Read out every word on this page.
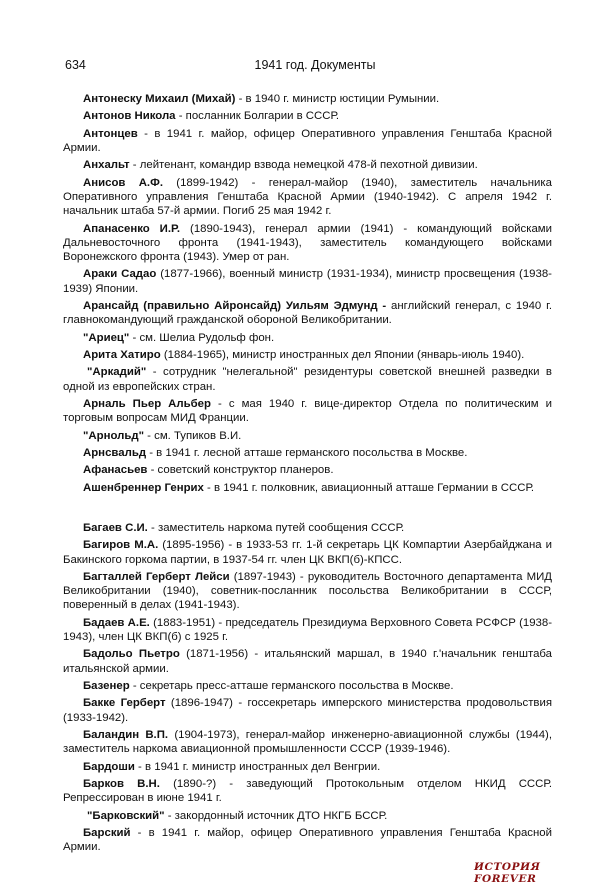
634	1941 год. Документы

Антонеску Михаил (Михай) - в 1940 г. министр юстиции Румынии.

Антонов Никола - посланник Болгарии в СССР.

Антонцев - в 1941 г. майор, офицер Оперативного управления Генштаба Красной Армии.

Анхальт - лейтенант, командир взвода немецкой 478-й пехотной дивизии.

Анисов А.Ф. (1899-1942) - генерал-майор (1940), заместитель начальника Оперативного управления Генштаба Красной Армии (1940-1942). С апреля 1942 г. начальник штаба 57-й армии. Погиб 25 мая 1942 г.

Апанасенко И.Р. (1890-1943), генерал армии (1941) - командующий войсками Дальневосточного фронта (1941-1943), заместитель командующего войсками Воронежского фронта (1943). Умер от ран.

Араки Садао (1877-1966), военный министр (1931-1934), министр просвещения (1938-1939) Японии.

Арансайд (правильно Айронсайд) Уильям Эдмунд - английский генерал, с 1940 г. главнокомандующий гражданской обороной Великобритании.

"Ариец" - см. Шелиа Рудольф фон.

Арита Хатиро (1884-1965), министр иностранных дел Японии (январь-июль 1940).

"Аркадий" - сотрудник "нелегальной" резидентуры советской внешней разведки в одной из европейских стран.

Арналь Пьер Альбер - с мая 1940 г. вице-директор Отдела по политическим и торговым вопросам МИД Франции.

"Арнольд" - см. Тупиков В.И.

Арнсвальд - в 1941 г. лесной атташе германского посольства в Москве.

Афанасьев - советский конструктор планеров.

Ашенбреннер Генрих - в 1941 г. полковник, авиационный атташе Германии в СССР.

Багаев С.И. - заместитель наркома путей сообщения СССР.

Багиров М.А. (1895-1956) - в 1933-53 гг. 1-й секретарь ЦК Компартии Азербайджана и Бакинского горкома партии, в 1937-54 гг. член ЦК ВКП(б)-КПСС.

Багталлей Герберт Лейси (1897-1943) - руководитель Восточного департамента МИД Великобритании (1940), советник-посланник посольства Великобритании в СССР, поверенный в делах (1941-1943).

Бадаев А.Е. (1883-1951) - председатель Президиума Верховного Совета РСФСР (1938-1943), член ЦК ВКП(б) с 1925 г.

Бадольо Пьетро (1871-1956) - итальянский маршал, в 1940 г.'начальник генштаба итальянской армии.

Базенер - секретарь пресс-атташе германского посольства в Москве.

Бакке Герберт (1896-1947) - госсекретарь имперского министерства продовольствия (1933-1942).

Баландин В.П. (1904-1973), генерал-майор инженерно-авиационной службы (1944), заместитель наркома авиационной промышленности СССР (1939-1946).

Бардоши - в 1941 г. министр иностранных дел Венгрии.

Барков В.Н. (1890-?) - заведующий Протокольным отделом НКИД СССР. Репрессирован в июне 1941 г.

"Барковский" - закордонный источник ДТО НКГБ БССР.

Барский - в 1941 г. майор, офицер Оперативного управления Генштаба Красной Армии.

ИСТОРИЯ FOREVER
